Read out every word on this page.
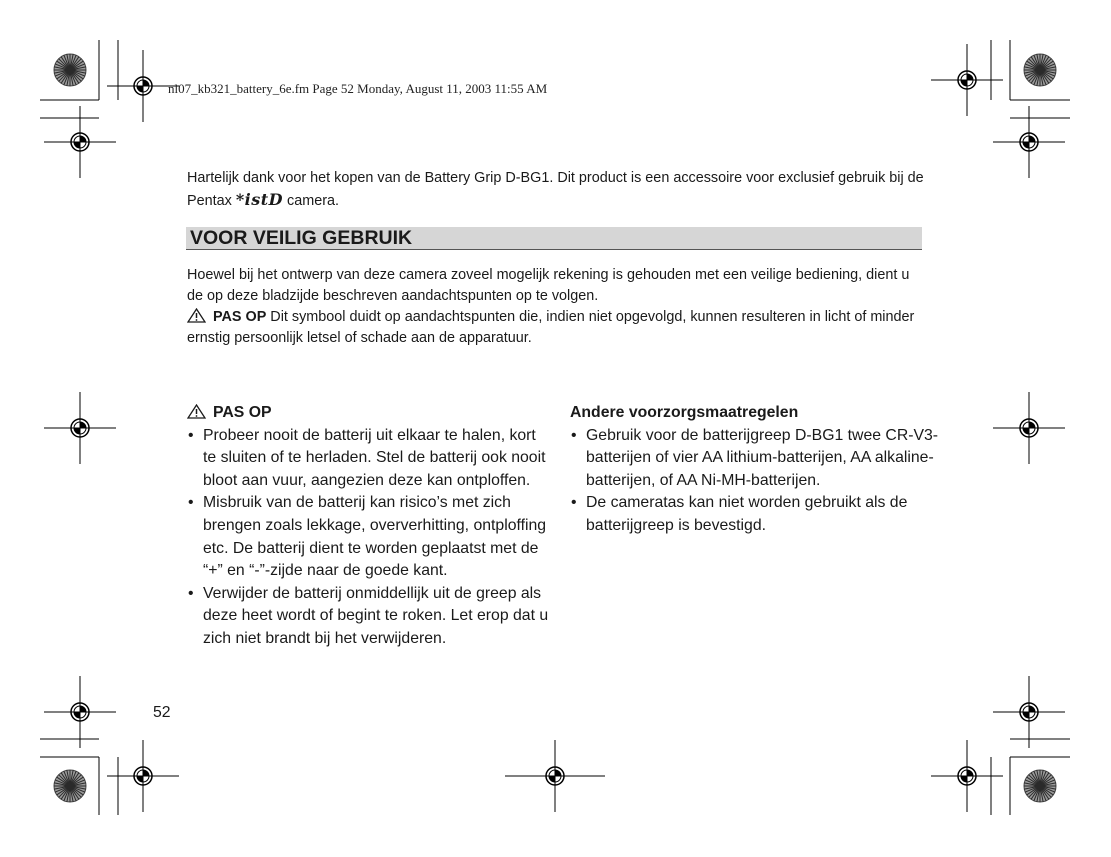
nl07_kb321_battery_6e.fm Page 52 Monday, August 11, 2003 11:55 AM
Hartelijk dank voor het kopen van de Battery Grip D-BG1. Dit product is een accessoire voor exclusief gebruik bij de Pentax *istD camera.
VOOR VEILIG GEBRUIK

Hoewel bij het ontwerp van deze camera zoveel mogelijk rekening is gehouden met een veilige bediening, dient u de op deze bladzijde beschreven aandachtspunten op te volgen.

PAS OP Dit symbool duidt op aandachtspunten die, indien niet opgevolgd, kunnen resulteren in licht of minder ernstig persoonlijk letsel of schade aan de apparatuur.

PAS OP
• Probeer nooit de batterij uit elkaar te halen, kort te sluiten of te herladen. Stel de batterij ook nooit bloot aan vuur, aangezien deze kan ontploffen.
• Misbruik van de batterij kan risico’s met zich brengen zoals lekkage, oververhitting, ontploffing etc. De batterij dient te worden geplaatst met de “+” en “-”-zijde naar de goede kant.
• Verwijder de batterij onmiddellijk uit de greep als deze heet wordt of begint te roken. Let erop dat u zich niet brandt bij het verwijderen.
Andere voorzorgsmaatregelen
• Gebruik voor de batterijgreep D-BG1 twee CR-V3-batterijen of vier AA lithium-batterijen, AA alkaline-batterijen, of AA Ni-MH-batterijen.
• De cameratas kan niet worden gebruikt als de batterijgreep is bevestigd.
52
